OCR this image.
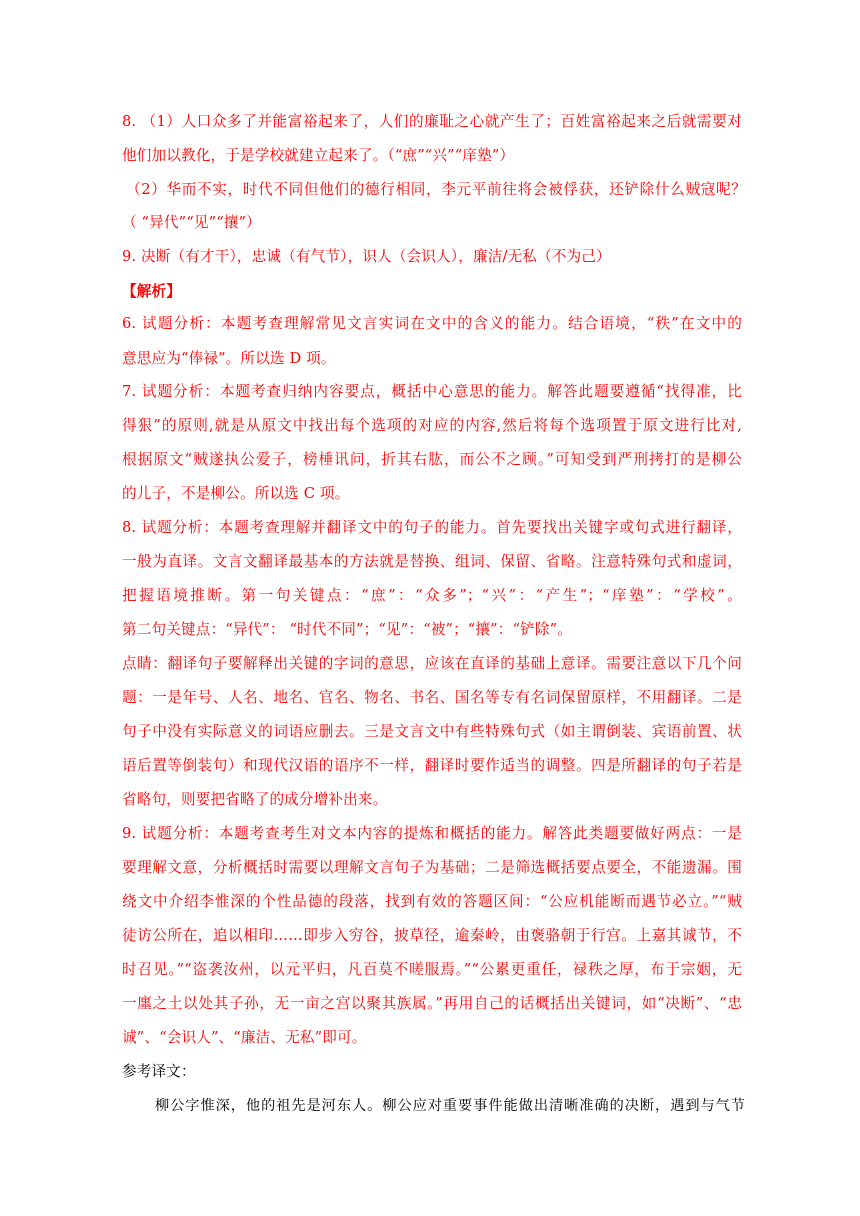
8. （1）人口众多了并能富裕起来了，人们的廉耻之心就产生了；百姓富裕起来之后就需要对
他们加以教化，于是学校就建立起来了。（“庶”“兴”“庠塾”）
（2）华而不实，时代不同但他们的德行相同，李元平前往将会被俘获，还铲除什么贼寇呢？
（ “异代”“见”“攘”）
9. 决断（有才干），忠诚（有气节），识人（会识人），廉洁/无私（不为己）
【解析】
6. 试题分析：本题考查理解常见文言实词在文中的含义的能力。结合语境，“秩”在文中的
意思应为“俸禄”。所以选 D 项。
7. 试题分析：本题考查归纳内容要点，概括中心意思的能力。解答此题要遵循“找得准，比
得狠”的原则,就是从原文中找出每个选项的对应的内容,然后将每个选项置于原文进行比对,
根据原文“贼遂执公爱子，榜棰讯问，折其右肱，而公不之顾。”可知受到严刑拷打的是柳公
的儿子，不是柳公。所以选 C 项。
8. 试题分析：本题考查理解并翻译文中的句子的能力。首先要找出关键字或句式进行翻译，
一般为直译。文言文翻译最基本的方法就是替换、组词、保留、省略。注意特殊句式和虚词，
把握语境推断。第一句关键点：“庶”：“众多”；“兴”：“产生”；“庠塾”：“学校”。
第二句关键点：“异代”： “时代不同”；“见”：“被”；“攘”：“铲除”。
点睛：翻译句子要解释出关键的字词的意思，应该在直译的基础上意译。需要注意以下几个问
题：一是年号、人名、地名、官名、物名、书名、国名等专有名词保留原样，不用翻译。二是
句子中没有实际意义的词语应删去。三是文言文中有些特殊句式（如主谓倒装、宾语前置、状
语后置等倒装句）和现代汉语的语序不一样，翻译时要作适当的调整。四是所翻译的句子若是
省略句，则要把省略了的成分增补出来。
9. 试题分析：本题考查考生对文本内容的提炼和概括的能力。解答此类题要做好两点：一是
要理解文意，分析概括时需要以理解文言句子为基础；二是筛选概括要点要全，不能遗漏。围
绕文中介绍李惟深的个性品德的段落，找到有效的答题区间：“公应机能断而遇节必立。”“贼
徒访公所在，追以相印……即步入穷谷，披草径，逾秦岭，由褒骆朝于行宫。上嘉其诚节，不
时召见。”“盗袭汝州，以元平归，凡百莫不嗟服焉。”“公累更重任，禄秩之厚，布于宗姻，无
一廛之土以处其子孙，无一亩之宫以聚其族属。”再用自己的话概括出关键词，如“决断”、“忠
诚”、“会识人”、“廉洁、无私”即可。
参考译文：
柳公字惟深，他的祖先是河东人。柳公应对重要事件能做出清晰准确的决断，遇到与气节
